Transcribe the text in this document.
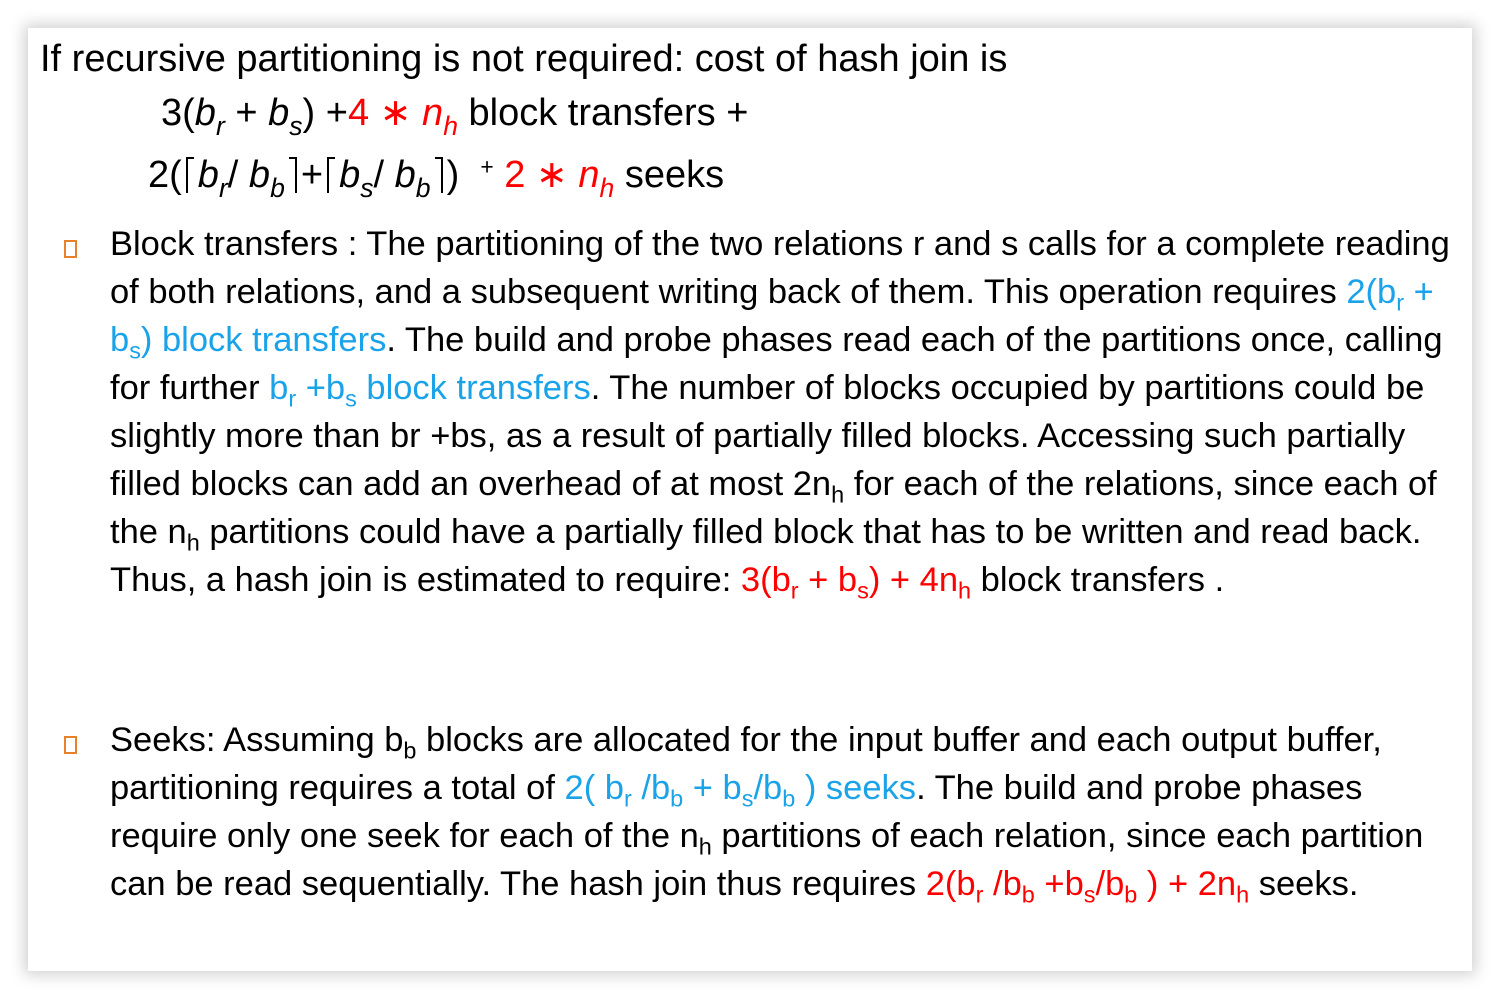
If recursive partitioning is not required: cost of hash join is
$3(b_r + b_s) +4$ ∗ $n_h$ block transfers +
2( $b_r/$ $b_b + b_s/$ $b_b$ ) + 2 ∗ $n_h$ seeks
Block transfers : The partitioning of the two relations r and s calls for a complete reading of both relations, and a subsequent writing back of them. This operation requires $2(b_r + b_s)$ block transfers. The build and probe phases read each of the partitions once, calling for further $b_r +b_s$ block transfers. The number of blocks occupied by partitions could be slightly more than br +bs, as a result of partially filled blocks. Accessing such partially filled blocks can add an overhead of at most $2n_h$ for each of the relations, since each of the $n_h$ partitions could have a partially filled block that has to be written and read back. Thus, a hash join is estimated to require: $3(b_r + b_s) + 4n_h$ block transfers .
Seeks: Assuming $b_b$ blocks are allocated for the input buffer and each output buffer, partitioning requires a total of 2( $b_r$ $/b_b + b_s/b_b$ ) seeks. The build and probe phases require only one seek for each of the $n_h$ partitions of each relation, since each partition can be read sequentially. The hash join thus requires $2(b_r$ $/b_b +b_s/b_b$ ) + $2n_h$ seeks.
